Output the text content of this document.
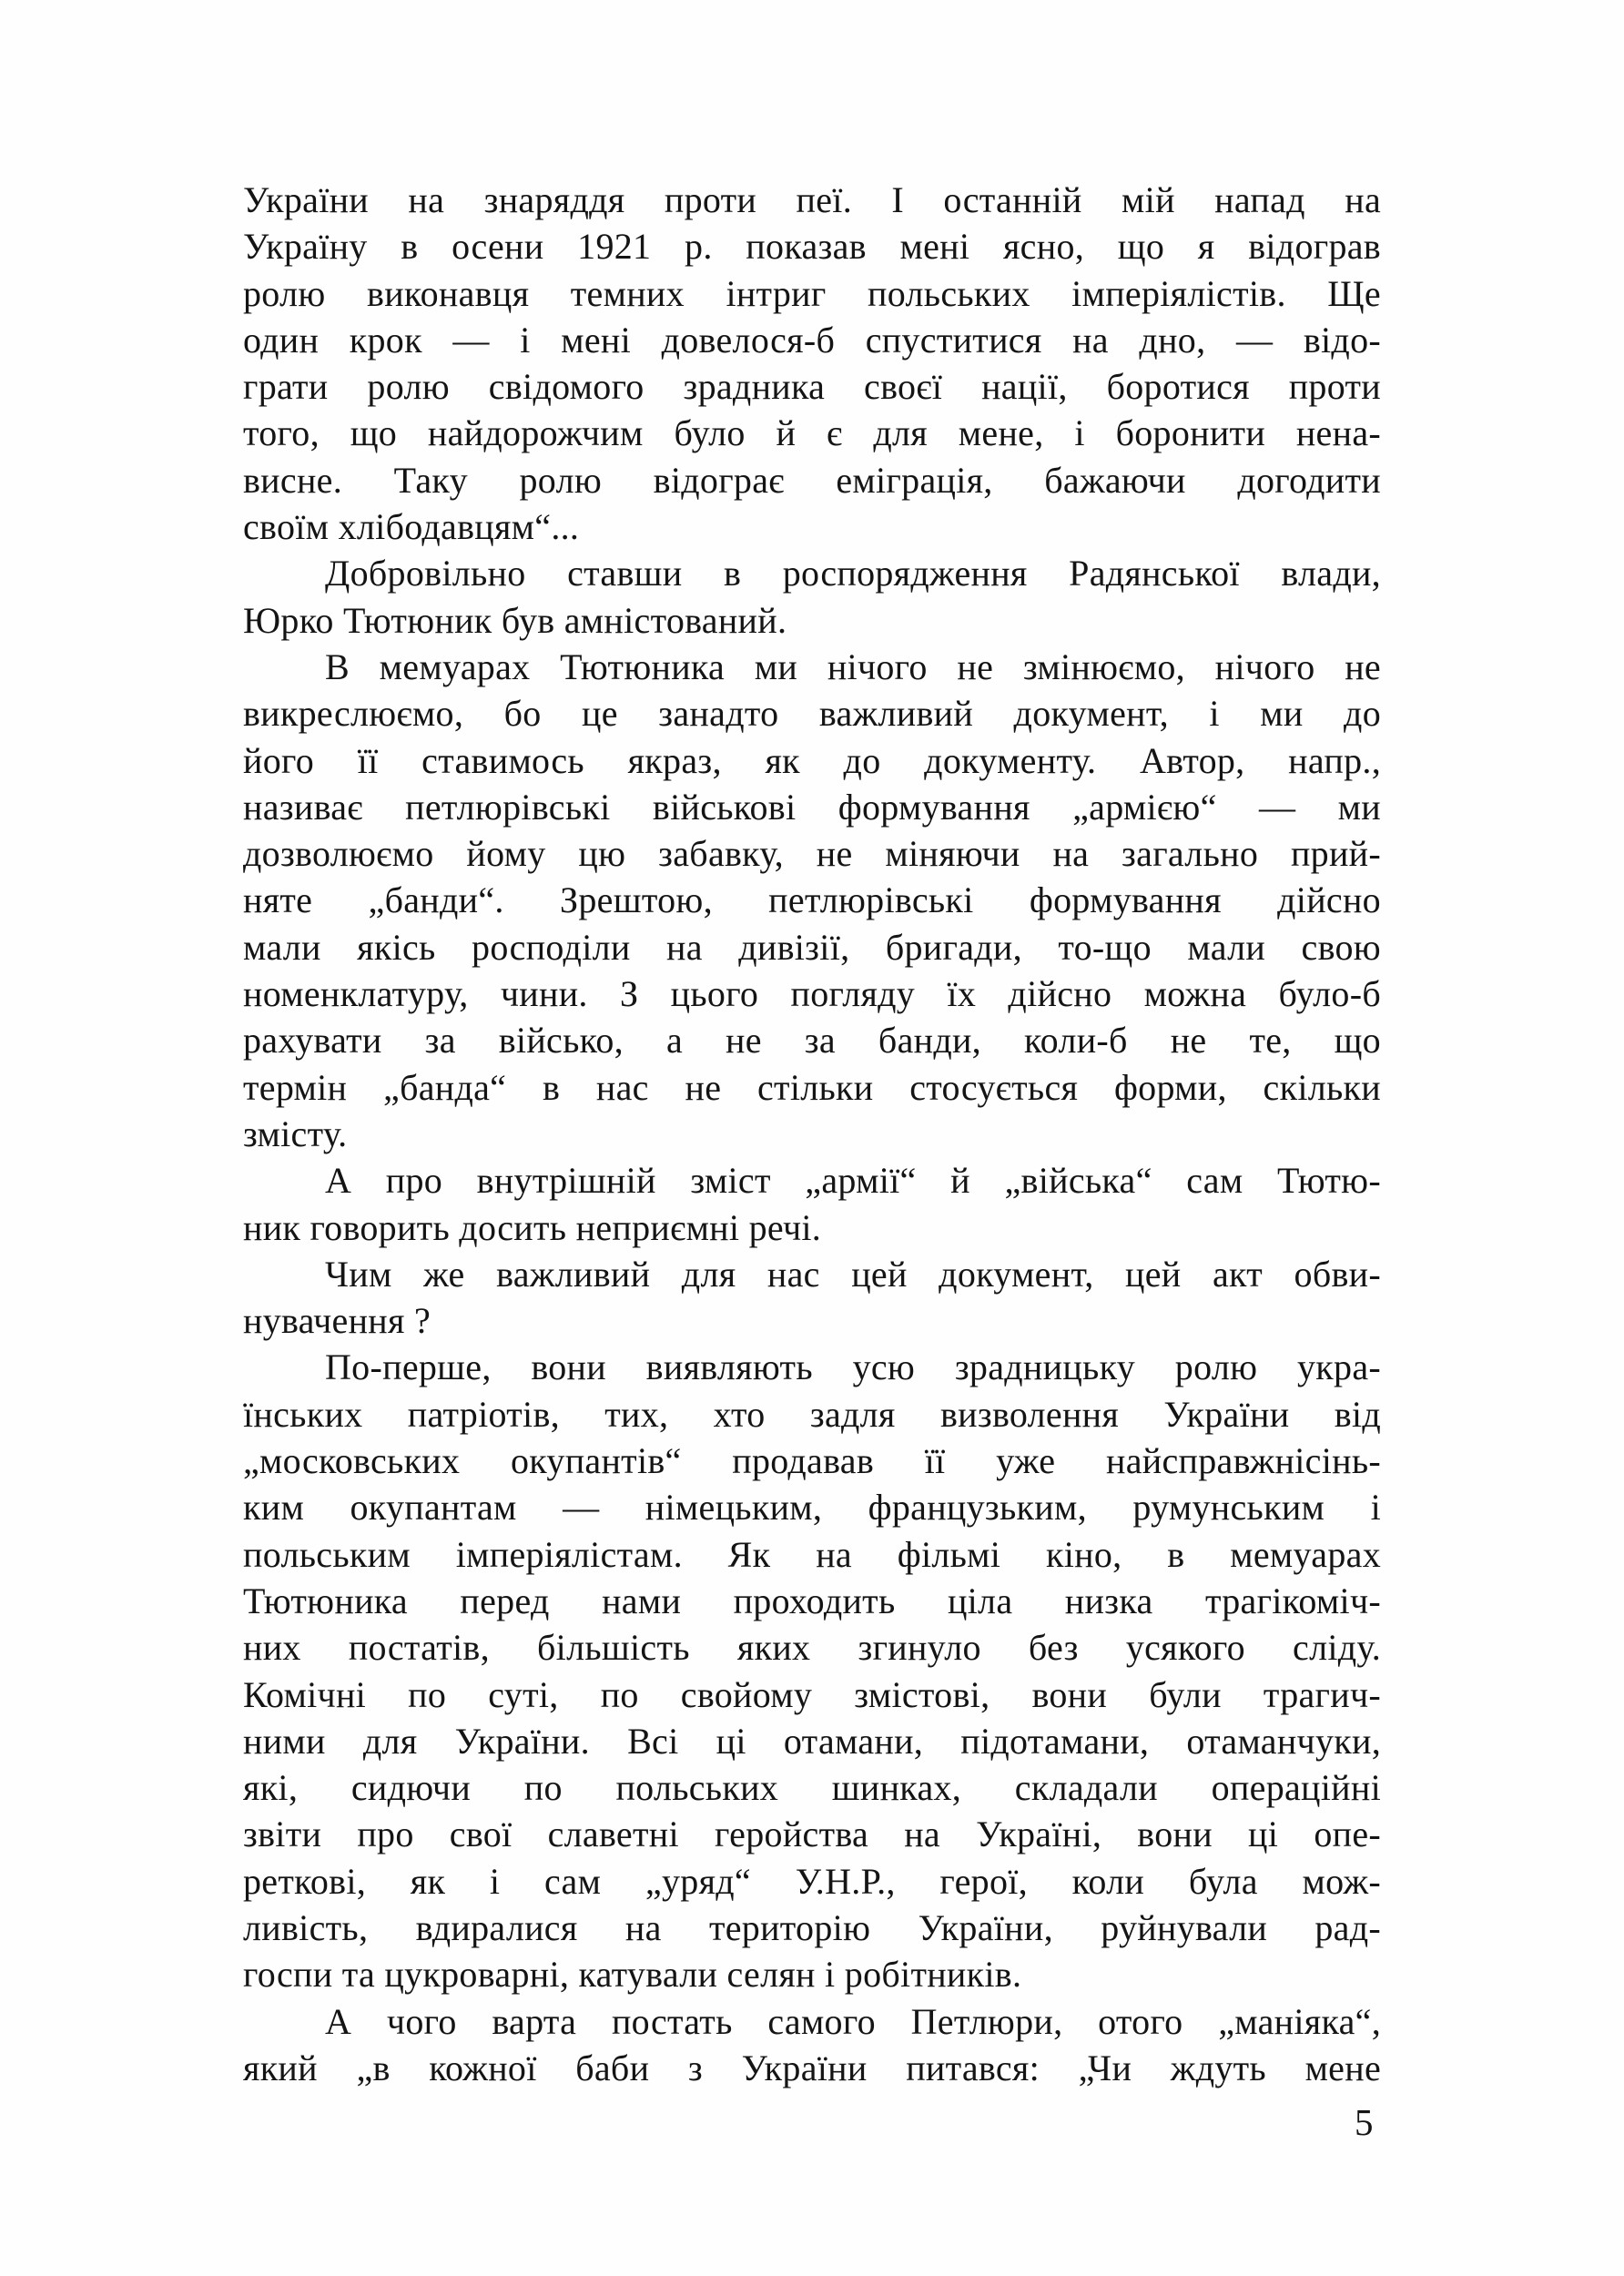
України на знаряддя проти пеї. І останній мій напад на
Україну в осени 1921 р. показав мені ясно, що я відограв
ролю виконавця темних інтриг польських імперіялістів. Ще
один крок — і мені довелося-б спуститися на дно, — відо-
грати ролю свідомого зрадника своєї нації, боротися проти
того, що найдорожчим було й є для мене, і боронити нена-
висне. Таку ролю відограє еміграція, бажаючи догодити
своїм хлібодавцям“...
Добровільно ставши в роспорядження Радянської влади,
Юрко Тютюник був амністований.
В мемуарах Тютюника ми нічого не змінюємо, нічого не
викреслюємо, бо це занадто важливий документ, і ми до
його її ставимось якраз, як до документу. Автор, напр.,
називає петлюрівські військові формування „армією“ — ми
дозволюємо йому цю забавку, не міняючи на загально прий-
няте „банди“. Зрештою, петлюрівські формування дійсно
мали якісь росподіли на дивізії, бригади, то-що мали свою
номенклатуру, чини. З цього погляду їх дійсно можна було-б
рахувати за військо, а не за банди, коли-б не те, що
термін „банда“ в нас не стільки стосується форми, скільки
змісту.
А про внутрішній зміст „армії“ й „війська“ сам Тютю-
ник говорить досить неприємні речі.
Чим же важливий для нас цей документ, цей акт обви-
нувачення ?
По-перше, вони виявляють усю зрадницьку ролю укра-
їнських патріотів, тих, хто задля визволення України від
„московських окупантів“ продавав її уже найсправжнісінь-
ким окупантам — німецьким, французьким, румунським і
польським імперіялістам. Як на фільмі кіно, в мемуарах
Тютюника перед нами проходить ціла низка трагікоміч-
них постатів, більшість яких згинуло без усякого сліду.
Комічні по суті, по свойому змістові, вони були трагич-
ними для України. Всі ці отамани, підотамани, отаманчуки,
які, сидючи по польських шинках, складали операційні
звіти про свої славетні геройства на Україні, вони ці опе-
реткові, як і сам „уряд“ У.Н.Р., герої, коли була мож-
ливість, вдиралися на територію України, руйнували рад-
госпи та цукроварні, катували селян і робітників.
А чого варта постать самого Петлюри, отого „маніяка“,
який „в кожної баби з України питався: „Чи ждуть мене
5
